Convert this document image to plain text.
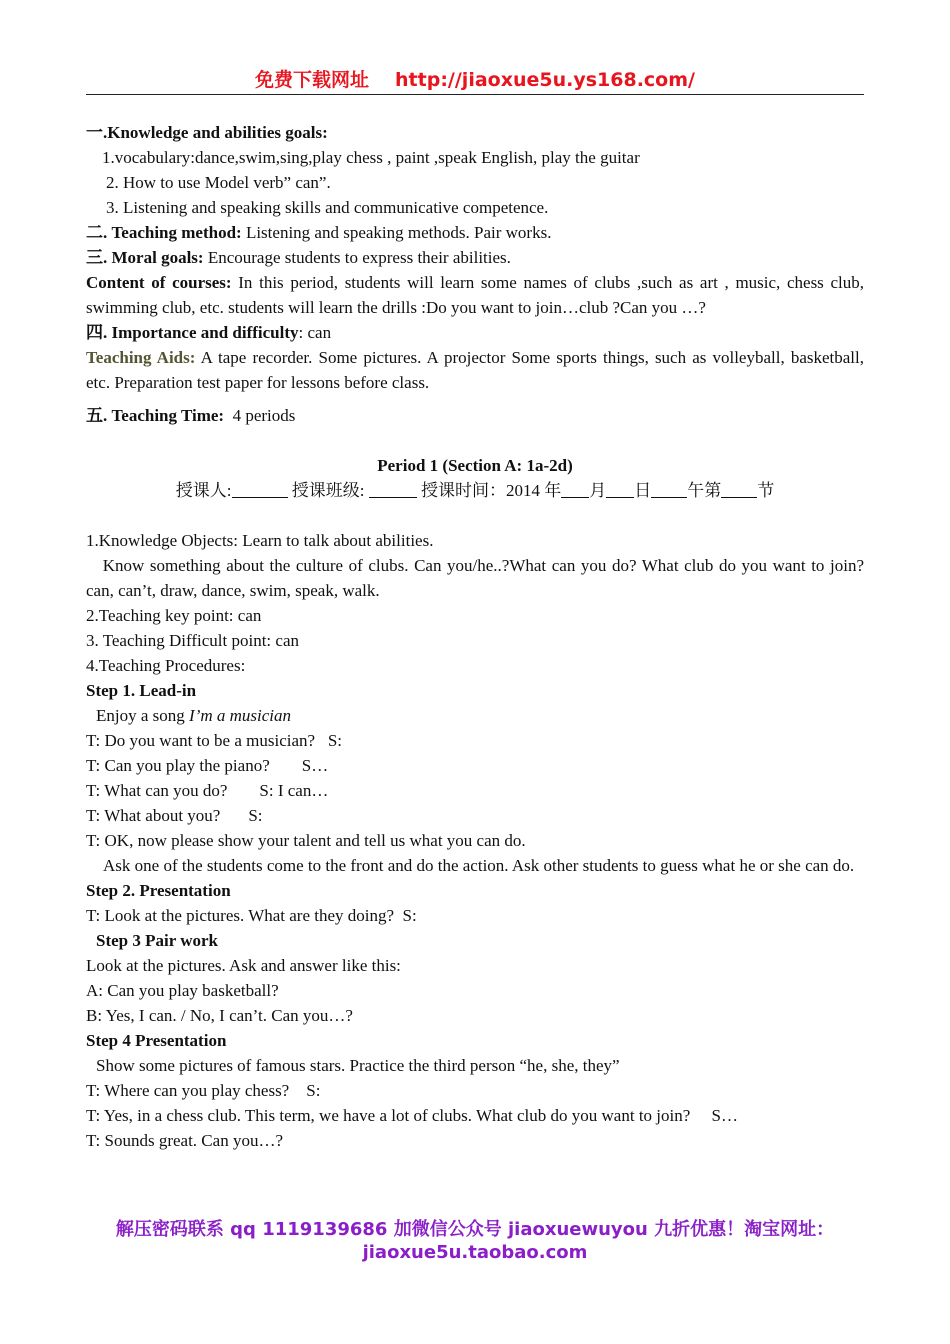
免费下载网址 http://jiaoxue5u.ys168.com/

一.Knowledge and abilities goals:

1.vocabulary:dance,swim,sing,play chess , paint ,speak English, play the guitar

2. How to use Model verb” can”.

3. Listening and speaking skills and communicative competence.

二. Teaching method: Listening and speaking methods. Pair works.

三. Moral goals: Encourage students to express their abilities.

Content of courses: In this period, students will learn some names of clubs ,such as art , music, chess club, swimming club, etc. students will learn the drills :Do you want to join…club ?Can you …?

四. Importance and difficulty: can

Teaching Aids: A tape recorder. Some pictures. A projector Some sports things, such as volleyball, basketball, etc. Preparation test paper for lessons before class.

五. Teaching Time: 4 periods

Period 1 (Section A: 1a-2d)

授课人:	授课班级:	授课时间：2014 年 月 日 午第 节

1.Knowledge Objects: Learn to talk about abilities.

Know something about the culture of clubs. Can you/he..?What can you do? What club do you want to join?can, can’t, draw, dance, swim, speak, walk.

2.Teaching key point: can

3. Teaching Difficult point: can

4.Teaching Procedures:

Step 1. Lead-in

Enjoy a song I’m a musician

T: Do you want to be a musician? S:

T: Can you play the piano? S…

T: What can you do? S: I can…

T: What about you? S:

T: OK, now please show your talent and tell us what you can do.

Ask one of the students come to the front and do the action. Ask other students to guess what he or she can do.

Step 2. Presentation

T: Look at the pictures. What are they doing? S:

Step 3 Pair work

Look at the pictures. Ask and answer like this:

A: Can you play basketball?

B: Yes, I can. / No, I can’t. Can you…?

Step 4 Presentation

Show some pictures of famous stars. Practice the third person “he, she, they”

T: Where can you play chess? S:

T: Yes, in a chess club. This term, we have a lot of clubs. What club do you want to join? S…

T: Sounds great. Can you…?

解压密码联系 qq 1119139686 加微信公众号 jiaoxuewuyou 九折优惠！淘宝网址：
jiaoxue5u.taobao.com
